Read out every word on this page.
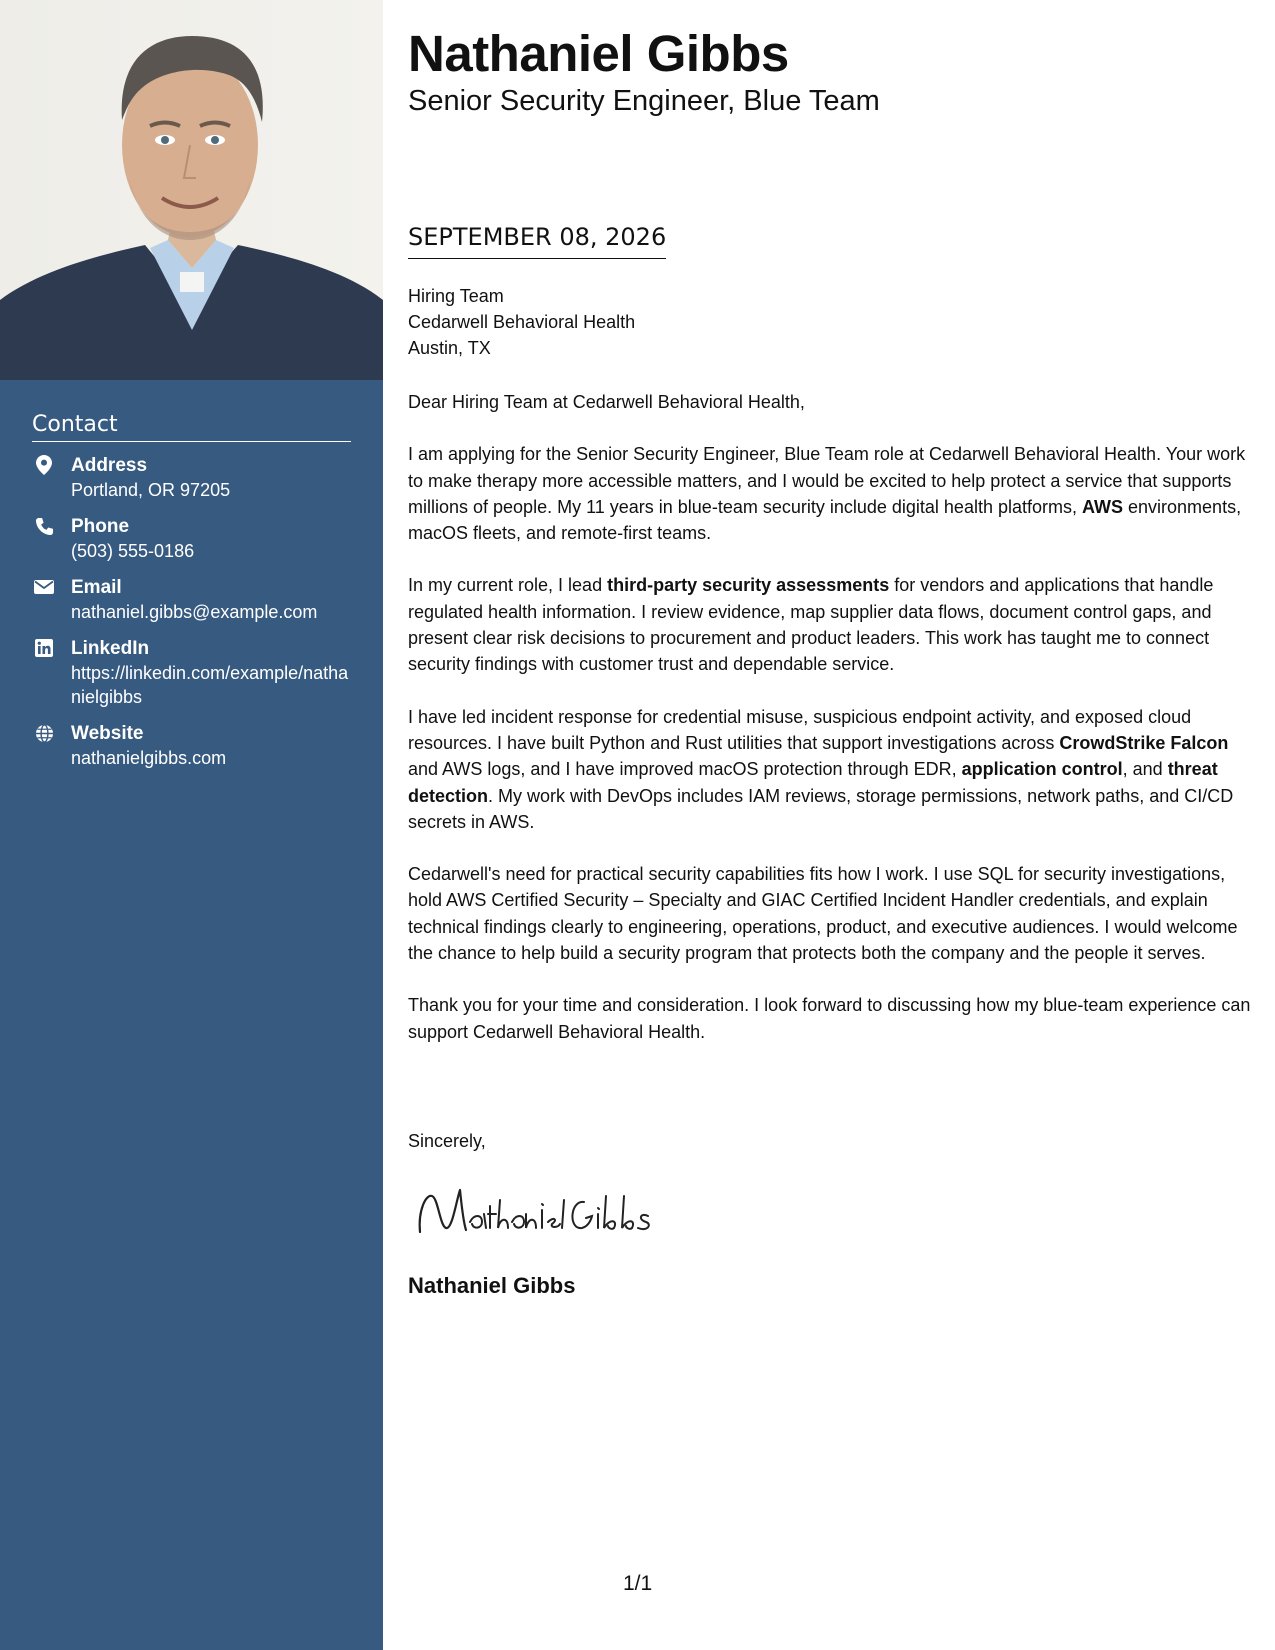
Contact
Address
Portland, OR 97205
Phone
(503) 555-0186
Email
nathaniel.gibbs@example.com
LinkedIn
https://linkedin.com/example/nathanielgibbs
Website
nathanielgibbs.com
Nathaniel Gibbs
Senior Security Engineer, Blue Team
SEPTEMBER 08, 2026
Hiring Team
Cedarwell Behavioral Health
Austin, TX

Dear Hiring Team at Cedarwell Behavioral Health,

I am applying for the Senior Security Engineer, Blue Team role at Cedarwell Behavioral Health. Your work to make therapy more accessible matters, and I would be excited to help protect a service that supports millions of people. My 11 years in blue-team security include digital health platforms, AWS environments, macOS fleets, and remote-first teams.

In my current role, I lead third-party security assessments for vendors and applications that handle regulated health information. I review evidence, map supplier data flows, document control gaps, and present clear risk decisions to procurement and product leaders. This work has taught me to connect security findings with customer trust and dependable service.

I have led incident response for credential misuse, suspicious endpoint activity, and exposed cloud resources. I have built Python and Rust utilities that support investigations across CrowdStrike Falcon and AWS logs, and I have improved macOS protection through EDR, application control, and threat detection. My work with DevOps includes IAM reviews, storage permissions, network paths, and CI/CD secrets in AWS.

Cedarwell's need for practical security capabilities fits how I work. I use SQL for security investigations, hold AWS Certified Security – Specialty and GIAC Certified Incident Handler credentials, and explain technical findings clearly to engineering, operations, product, and executive audiences. I would welcome the chance to help build a security program that protects both the company and the people it serves.

Thank you for your time and consideration. I look forward to discussing how my blue-team experience can support Cedarwell Behavioral Health.

Sincerely,
Nathaniel Gibbs
1/1
